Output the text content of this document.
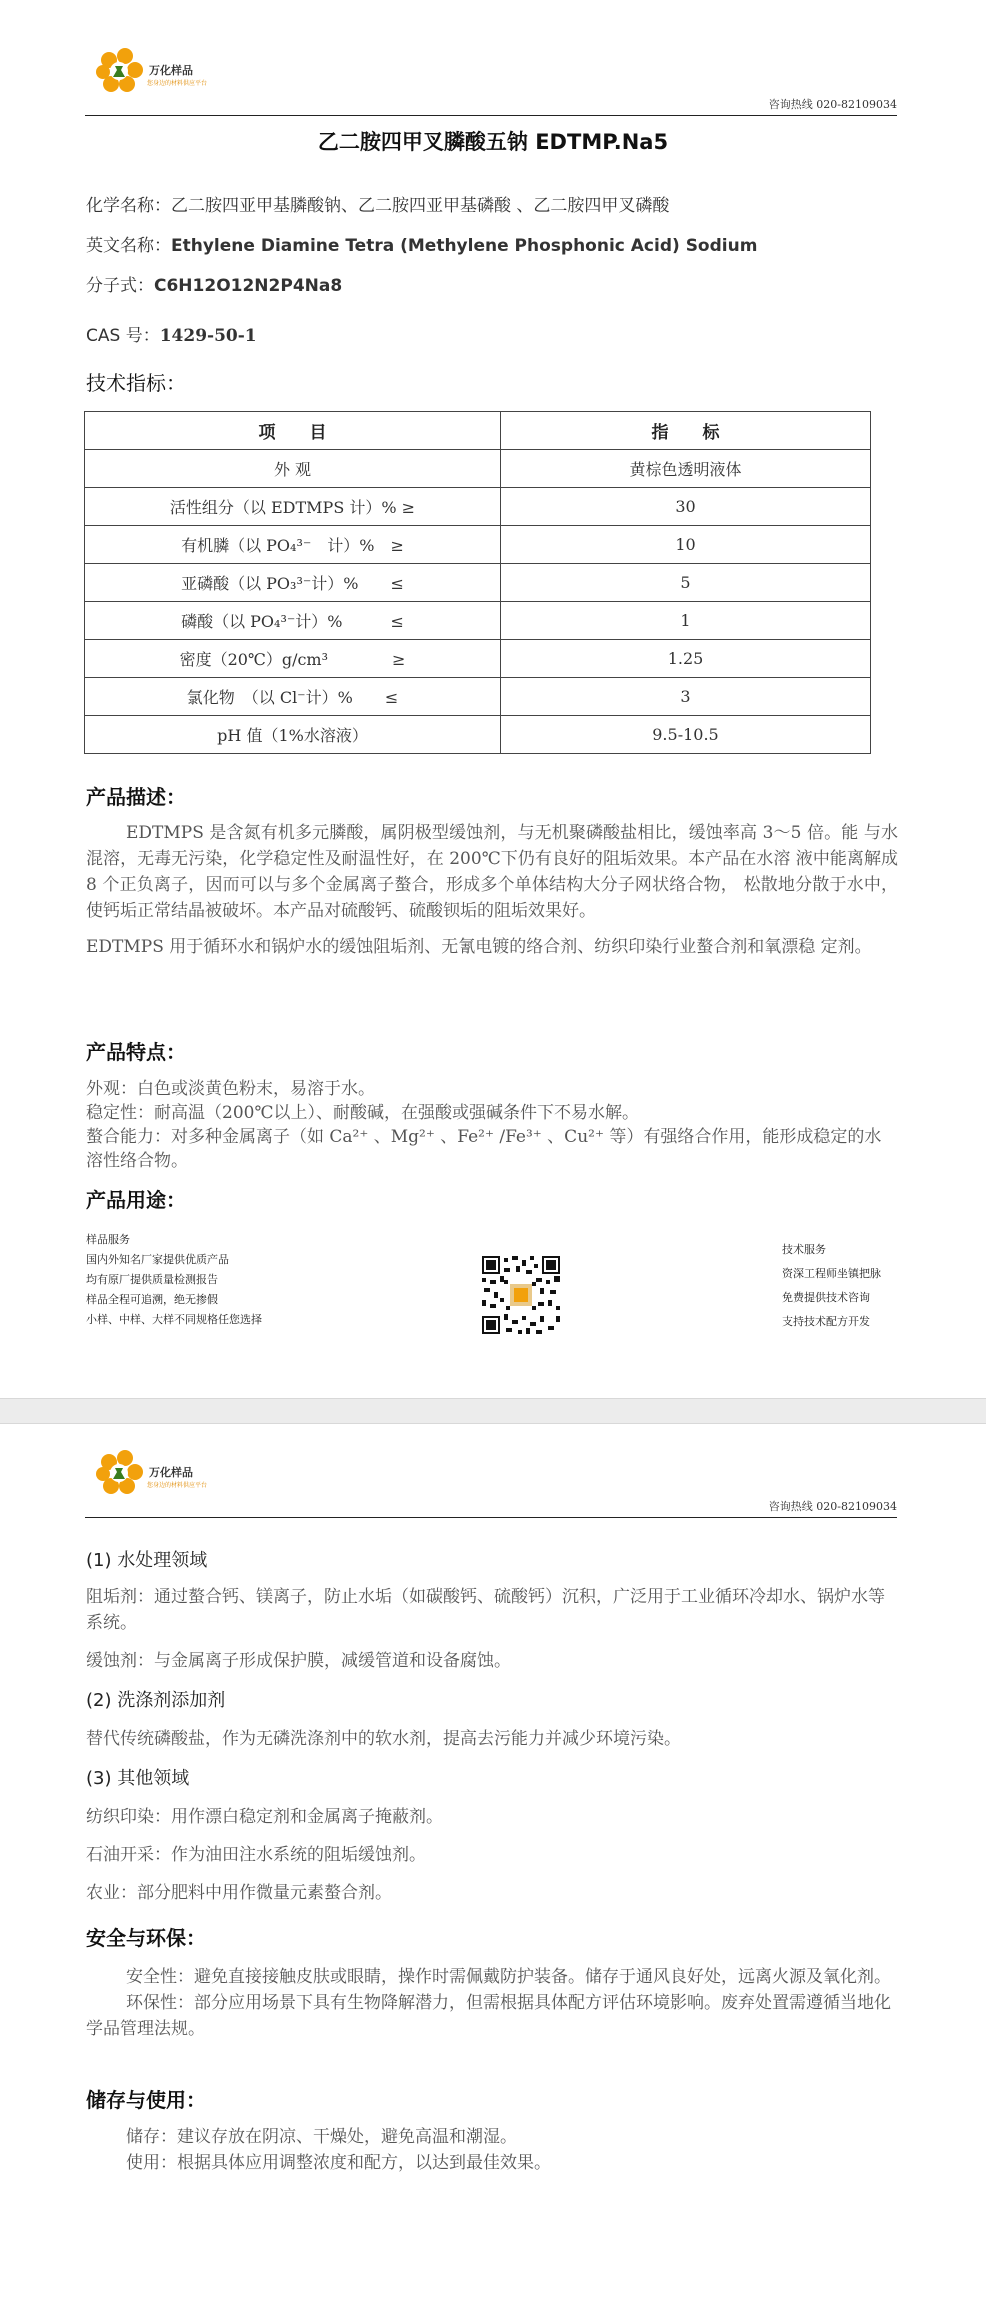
万化样品
您身边的材料供应平台
咨询热线 020-82109034
乙二胺四甲叉膦酸五钠 EDTMP.Na5
化学名称：乙二胺四亚甲基膦酸钠、乙二胺四亚甲基磷酸 、乙二胺四甲叉磷酸
英文名称：Ethylene Diamine Tetra (Methylene Phosphonic Acid) Sodium
分子式：C6H12O12N2P4Na8
CAS 号：1429-50-1
技术指标：
项　　目	指　　标
外 观	黄棕色透明液体
活性组分（以 EDTMPS 计）% ≥	30
有机膦（以 PO₄³⁻　计）%　≥	10
亚磷酸（以 PO₃³⁻计）%　　≤	5
磷酸（以 PO₄³⁻计）%　　　≤	1
密度（20℃）g/cm³　　　　≥	1.25
氯化物　（以 Cl⁻计）%　　≤	3
pH 值（1%水溶液）	9.5-10.5
产品描述：

EDTMPS 是含氮有机多元膦酸，属阴极型缓蚀剂，与无机聚磷酸盐相比，缓蚀率高 3～5 倍。能 与水混溶，无毒无污染，化学稳定性及耐温性好，在 200℃下仍有良好的阻垢效果。本产品在水溶 液中能离解成 8 个正负离子，因而可以与多个金属离子螯合，形成多个单体结构大分子网状络合物， 松散地分散于水中，使钙垢正常结晶被破坏。本产品对硫酸钙、硫酸钡垢的阻垢效果好。

EDTMPS 用于循环水和锅炉水的缓蚀阻垢剂、无氰电镀的络合剂、纺织印染行业螯合剂和氧漂稳 定剂。

产品特点：
外观：白色或淡黄色粉末，易溶于水。
稳定性：耐高温（200℃以上）、耐酸碱，在强酸或强碱条件下不易水解。
螯合能力：对多种金属离子（如 Ca²⁺ 、Mg²⁺ 、Fe²⁺ /Fe³⁺ 、Cu²⁺ 等）有强络合作用，能形成稳定的水溶性络合物。
产品用途：
样品服务
国内外知名厂家提供优质产品
均有原厂提供质量检测报告
样品全程可追溯，绝无掺假
小样、中样、大样不同规格任您选择
技术服务
资深工程师坐镇把脉
免费提供技术咨询
支持技术配方开发
万化样品
您身边的材料供应平台
咨询热线 020-82109034
(1) 水处理领域
阻垢剂：通过螯合钙、镁离子，防止水垢（如碳酸钙、硫酸钙）沉积，广泛用于工业循环冷却水、锅炉水等系统。
缓蚀剂：与金属离子形成保护膜，减缓管道和设备腐蚀。
(2) 洗涤剂添加剂
替代传统磷酸盐，作为无磷洗涤剂中的软水剂，提高去污能力并减少环境污染。
(3) 其他领域
纺织印染：用作漂白稳定剂和金属离子掩蔽剂。
石油开采：作为油田注水系统的阻垢缓蚀剂。
农业：部分肥料中用作微量元素螯合剂。
安全与环保：
安全性：避免直接接触皮肤或眼睛，操作时需佩戴防护装备。储存于通风良好处，远离火源及氧化剂。
环保性：部分应用场景下具有生物降解潜力，但需根据具体配方评估环境影响。废弃处置需遵循当地化学品管理法规。
储存与使用：
储存：建议存放在阴凉、干燥处，避免高温和潮湿。
使用：根据具体应用调整浓度和配方，以达到最佳效果。
